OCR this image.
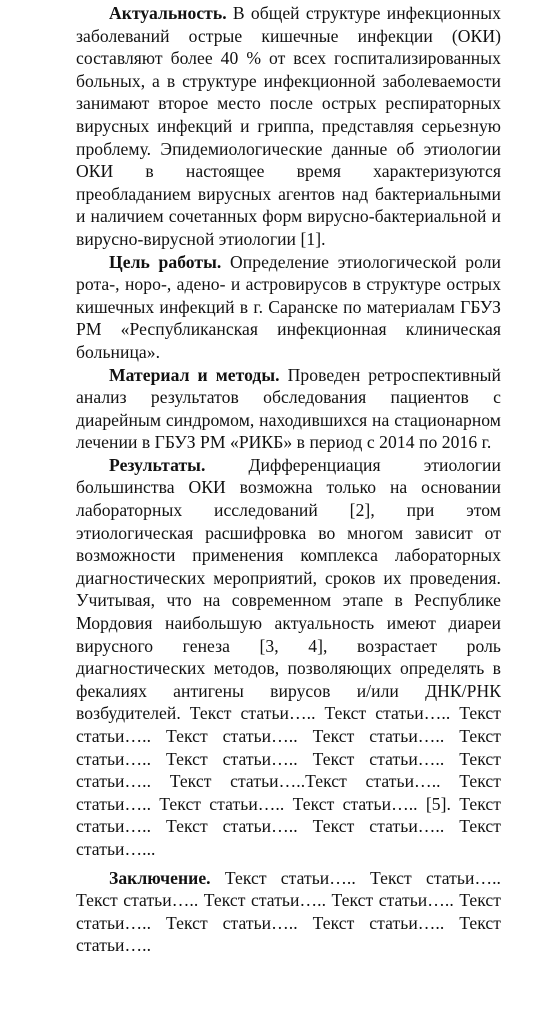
Актуальность. В общей структуре инфекционных заболеваний острые кишечные инфекции (ОКИ) составляют более 40 % от всех госпитализированных больных, а в структуре инфекционной заболеваемости занимают второе место после острых респираторных вирусных инфекций и гриппа, представляя серьезную проблему. Эпидемиологические данные об этиологии ОКИ в настоящее время характеризуются преобладанием вирусных агентов над бактериальными и наличием сочетанных форм вирусно-бактериальной и вирусно-вирусной этиологии [1].

Цель работы. Определение этиологической роли рота-, норо-, адено- и астровирусов в структуре острых кишечных инфекций в г. Саранске по материалам ГБУЗ РМ «Республиканская инфекционная клиническая больница».

Материал и методы. Проведен ретроспективный анализ результатов обследования пациентов с диарейным синдромом, находившихся на стационарном лечении в ГБУЗ РМ «РИКБ» в период с 2014 по 2016 г.

Результаты. Дифференциация этиологии большинства ОКИ возможна только на основании лабораторных исследований [2], при этом этиологическая расшифровка во многом зависит от возможности применения комплекса лабораторных диагностических мероприятий, сроков их проведения. Учитывая, что на современном этапе в Республике Мордовия наибольшую актуальность имеют диареи вирусного генеза [3, 4], возрастает роль диагностических методов, позволяющих определять в фекалиях антигены вирусов и/или ДНК/РНК возбудителей. Текст статьи….. Текст статьи….. Текст статьи….. Текст статьи….. Текст статьи….. Текст статьи….. Текст статьи….. Текст статьи….. Текст статьи….. Текст статьи…..Текст статьи….. Текст статьи….. Текст статьи….. Текст статьи….. [5]. Текст статьи….. Текст статьи….. Текст статьи….. Текст статьи…...

Заключение. Текст статьи….. Текст статьи….. Текст статьи….. Текст статьи….. Текст статьи….. Текст статьи….. Текст статьи….. Текст статьи….. Текст статьи…..
